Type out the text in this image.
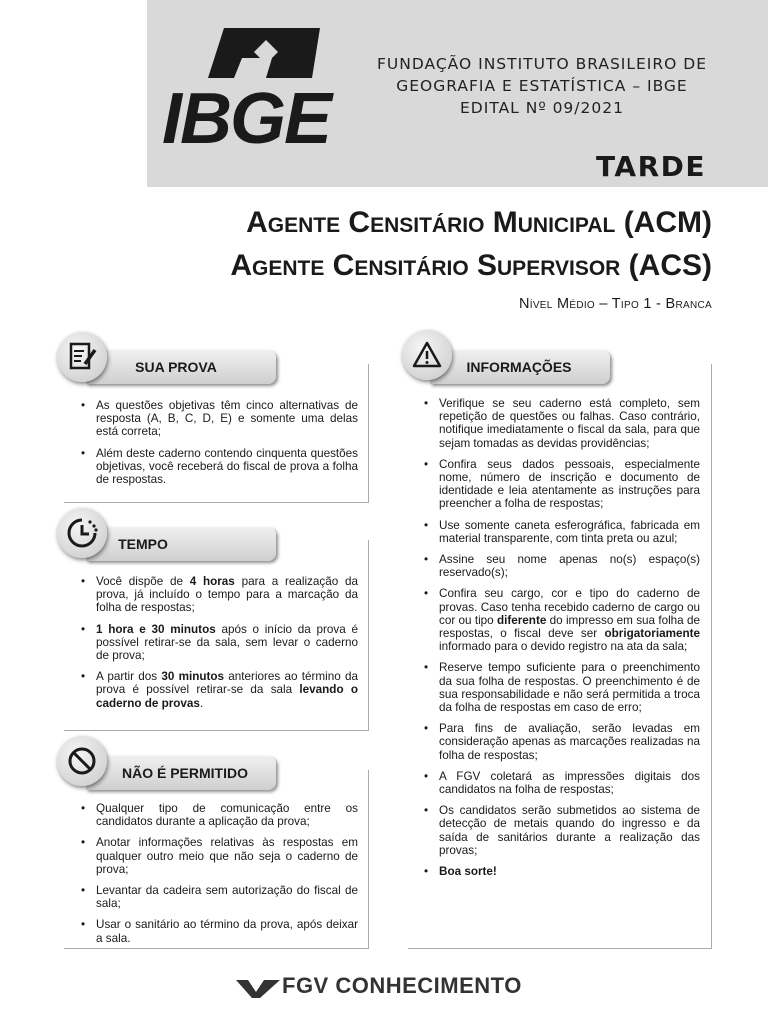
IBGE
FUNDAÇÃO INSTITUTO BRASILEIRO DE
GEOGRAFIA E ESTATÍSTICA – IBGE
EDITAL Nº 09/2021
TARDE
Agente Censitário Municipal (ACM)
Agente Censitário Supervisor (ACS)
Nível Médio – Tipo 1 - Branca
SUA PROVA
• As questões objetivas têm cinco alternativas de resposta (A, B, C, D, E) e somente uma delas está correta;
• Além deste caderno contendo cinquenta questões objetivas, você receberá do fiscal de prova a folha de respostas.
TEMPO
• Você dispõe de 4 horas para a realização da prova, já incluído o tempo para a marcação da folha de respostas;
• 1 hora e 30 minutos após o início da prova é possível retirar-se da sala, sem levar o caderno de prova;
• A partir dos 30 minutos anteriores ao término da prova é possível retirar-se da sala levando o caderno de provas.
NÃO É PERMITIDO
• Qualquer tipo de comunicação entre os candidatos durante a aplicação da prova;
• Anotar informações relativas às respostas em qualquer outro meio que não seja o caderno de prova;
• Levantar da cadeira sem autorização do fiscal de sala;
• Usar o sanitário ao término da prova, após deixar a sala.
INFORMAÇÕES
• Verifique se seu caderno está completo, sem repetição de questões ou falhas. Caso contrário, notifique imediatamente o fiscal da sala, para que sejam tomadas as devidas providências;
• Confira seus dados pessoais, especialmente nome, número de inscrição e documento de identidade e leia atentamente as instruções para preencher a folha de respostas;
• Use somente caneta esferográfica, fabricada em material transparente, com tinta preta ou azul;
• Assine seu nome apenas no(s) espaço(s) reservado(s);
• Confira seu cargo, cor e tipo do caderno de provas. Caso tenha recebido caderno de cargo ou cor ou tipo diferente do impresso em sua folha de respostas, o fiscal deve ser obrigatoriamente informado para o devido registro na ata da sala;
• Reserve tempo suficiente para o preenchimento da sua folha de respostas. O preenchimento é de sua responsabilidade e não será permitida a troca da folha de respostas em caso de erro;
• Para fins de avaliação, serão levadas em consideração apenas as marcações realizadas na folha de respostas;
• A FGV coletará as impressões digitais dos candidatos na folha de respostas;
• Os candidatos serão submetidos ao sistema de detecção de metais quando do ingresso e da saída de sanitários durante a realização das provas;
• Boa sorte!
FGV CONHECIMENTO
